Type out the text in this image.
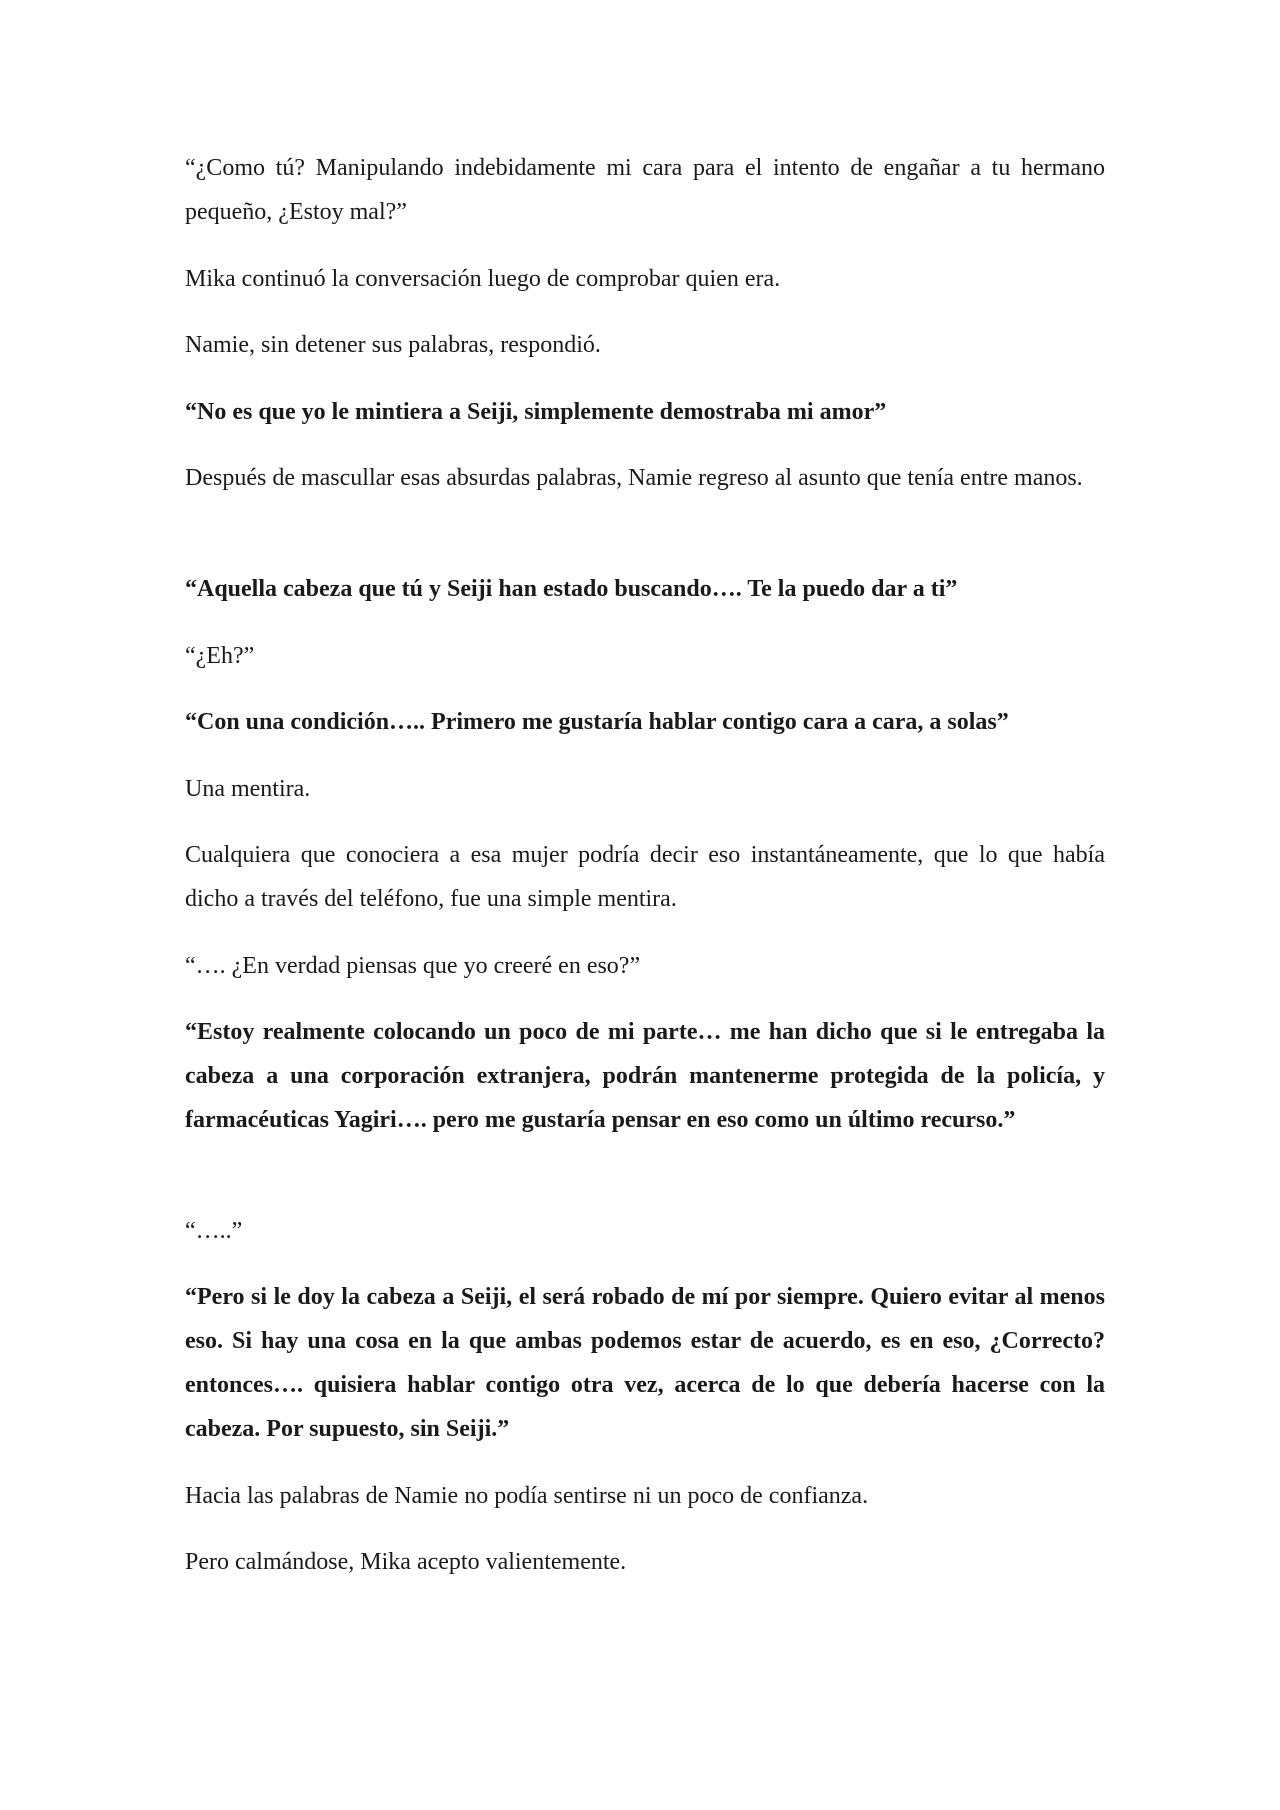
“¿Como tú? Manipulando indebidamente mi cara para el intento de engañar a tu hermano pequeño, ¿Estoy mal?”

Mika continuó la conversación luego de comprobar quien era.

Namie, sin detener sus palabras, respondió.

“No es que yo le mintiera a Seiji, simplemente demostraba mi amor”

Después de mascullar esas absurdas palabras, Namie regreso al asunto que tenía entre manos.

“Aquella cabeza que tú y Seiji han estado buscando…. Te la puedo dar a ti”

“¿Eh?”

“Con una condición….. Primero me gustaría hablar contigo cara a cara, a solas”

Una mentira.

Cualquiera que conociera a esa mujer podría decir eso instantáneamente, que lo que había dicho a través del teléfono, fue una simple mentira.

“…. ¿En verdad piensas que yo creeré en eso?”

“Estoy realmente colocando un poco de mi parte… me han dicho que si le entregaba la cabeza a una corporación extranjera, podrán mantenerme protegida de la policía, y farmacéuticas Yagiri…. pero me gustaría pensar en eso como un último recurso.”

“…..”

“Pero si le doy la cabeza a Seiji, el será robado de mí por siempre. Quiero evitar al menos eso. Si hay una cosa en la que ambas podemos estar de acuerdo, es en eso, ¿Correcto? entonces…. quisiera hablar contigo otra vez, acerca de lo que debería hacerse con la cabeza. Por supuesto, sin Seiji.”

Hacia las palabras de Namie no podía sentirse ni un poco de confianza.

Pero calmándose, Mika acepto valientemente.
